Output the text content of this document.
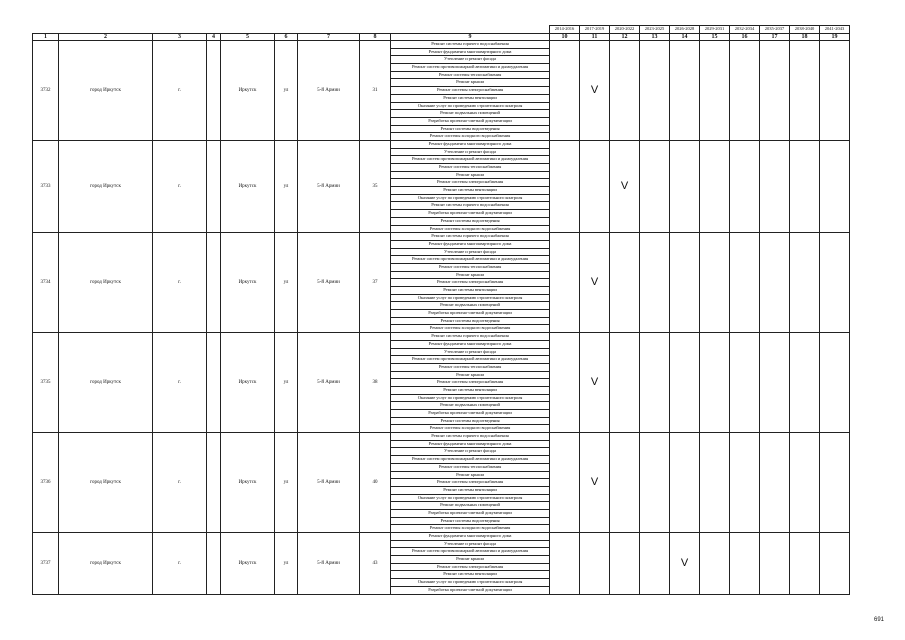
									2014-2016	2017-2019	2020-2022	2023-2025	2026-2028	2029-2031	2032-2034	2035-2037	2038-2040	2041-2043
1	2	3	4	5	6	7	8	9	10	11	12	13	14	15	16	17	18	19
3732	город Иркутск	г.		Иркутск	ул	5-й Армии	31	Ремонт системы горячего водоснабжения		V								
								Ремонт фундамента многоквартирного дома										
								Утепление и ремонт фасада										
								Ремонт систем противопожарной автоматики и дымоудаления										
								Ремонт системы теплоснабжения										
								Ремонт крыши										
								Ремонт системы электроснабжения										
								Ремонт системы вентиляции										
								Оказание услуг по проведению строительного контроля										
								Ремонт подвальных помещений										
								Разработка проектно-сметной документации										
								Ремонт системы водоотведения										
								Ремонт системы холодного водоснабжения										
3733	город Иркутск	г.		Иркутск	ул	5-й Армии	35	Ремонт фундамента многоквартирного дома			V							
								Утепление и ремонт фасада										
								Ремонт систем противопожарной автоматики и дымоудаления										
								Ремонт системы теплоснабжения										
								Ремонт крыши										
								Ремонт системы электроснабжения										
								Ремонт системы вентиляции										
								Оказание услуг по проведению строительного контроля										
								Ремонт системы горячего водоснабжения										
								Разработка проектно-сметной документации										
								Ремонт системы водоотведения										
								Ремонт системы холодного водоснабжения										
3734	город Иркутск	г.		Иркутск	ул	5-й Армии	37	Ремонт системы горячего водоснабжения		V								
								Ремонт фундамента многоквартирного дома										
								Утепление и ремонт фасада										
								Ремонт систем противопожарной автоматики и дымоудаления										
								Ремонт системы теплоснабжения										
								Ремонт крыши										
								Ремонт системы электроснабжения										
								Ремонт системы вентиляции										
								Оказание услуг по проведению строительного контроля										
								Ремонт подвальных помещений										
								Разработка проектно-сметной документации										
								Ремонт системы водоотведения										
								Ремонт системы холодного водоснабжения										
3735	город Иркутск	г.		Иркутск	ул	5-й Армии	38	Ремонт системы горячего водоснабжения		V								
								Ремонт фундамента многоквартирного дома										
								Утепление и ремонт фасада										
								Ремонт систем противопожарной автоматики и дымоудаления										
								Ремонт системы теплоснабжения										
								Ремонт крыши										
								Ремонт системы электроснабжения										
								Ремонт системы вентиляции										
								Оказание услуг по проведению строительного контроля										
								Ремонт подвальных помещений										
								Разработка проектно-сметной документации										
								Ремонт системы водоотведения										
								Ремонт системы холодного водоснабжения										
3736	город Иркутск	г.		Иркутск	ул	5-й Армии	40	Ремонт системы горячего водоснабжения		V								
								Ремонт фундамента многоквартирного дома										
								Утепление и ремонт фасада										
								Ремонт систем противопожарной автоматики и дымоудаления										
								Ремонт системы теплоснабжения										
								Ремонт крыши										
								Ремонт системы электроснабжения										
								Ремонт системы вентиляции										
								Оказание услуг по проведению строительного контроля										
								Ремонт подвальных помещений										
								Разработка проектно-сметной документации										
								Ремонт системы водоотведения										
								Ремонт системы холодного водоснабжения										
3737	город Иркутск	г.		Иркутск	ул	5-й Армии	43	Ремонт фундамента многоквартирного дома					V					
								Утепление и ремонт фасада										
								Ремонт систем противопожарной автоматики и дымоудаления										
								Ремонт крыши										
								Ремонт системы электроснабжения										
								Ремонт системы вентиляции										
								Оказание услуг по проведению строительного контроля										
								Разработка проектно-сметной документации										
691
